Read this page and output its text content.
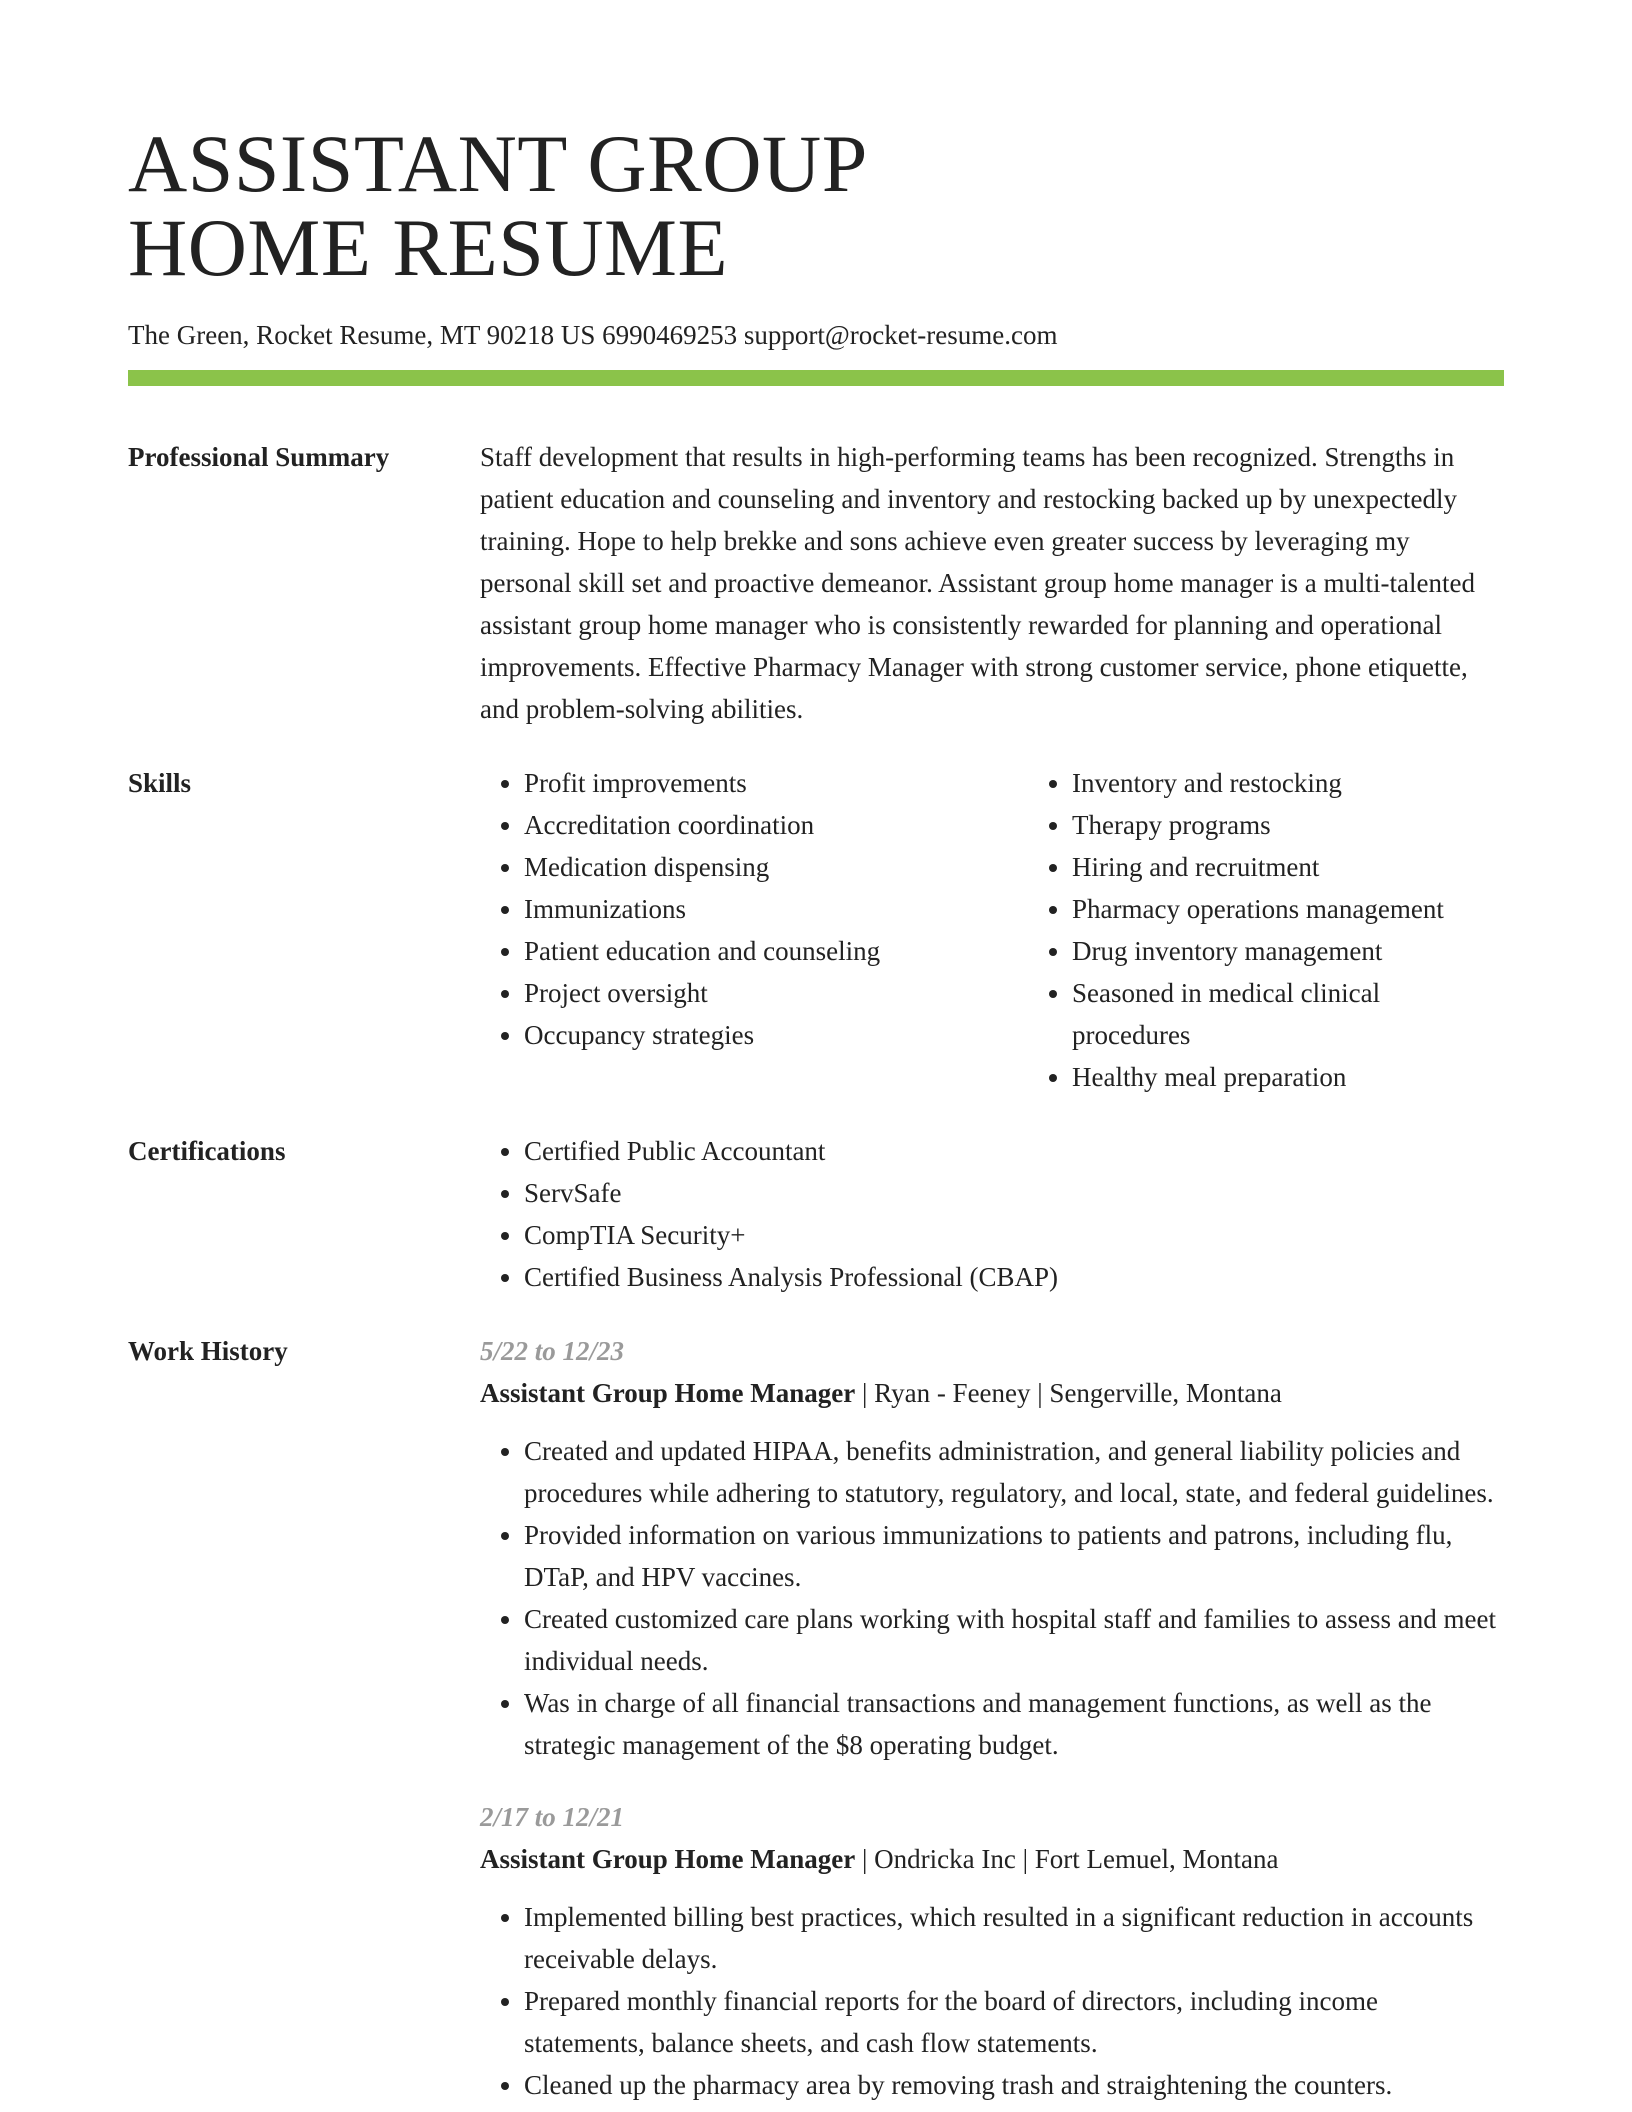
ASSISTANT GROUP
HOME RESUME
The Green, Rocket Resume, MT 90218 US 6990469253 support@rocket-resume.com
Professional Summary	Staff development that results in high-performing teams has been recognized. Strengths in patient education and counseling and inventory and restocking backed up by unexpectedly training. Hope to help brekke and sons achieve even greater success by leveraging my personal skill set and proactive demeanor. Assistant group home manager is a multi-talented assistant group home manager who is consistently rewarded for planning and operational improvements. Effective Pharmacy Manager with strong customer service, phone etiquette, and problem-solving abilities.
Skills	• Profit improvements
• Accreditation coordination
• Medication dispensing
• Immunizations
• Patient education and counseling
• Project oversight
• Occupancy strategies
• Inventory and restocking
• Therapy programs
• Hiring and recruitment
• Pharmacy operations management
• Drug inventory management
• Seasoned in medical clinical procedures
• Healthy meal preparation
Certifications	• Certified Public Accountant
• ServSafe
• CompTIA Security+
• Certified Business Analysis Professional (CBAP)
Work History	5/22 to 12/23
Assistant Group Home Manager | Ryan - Feeney | Sengerville, Montana
• Created and updated HIPAA, benefits administration, and general liability policies and procedures while adhering to statutory, regulatory, and local, state, and federal guidelines.
• Provided information on various immunizations to patients and patrons, including flu, DTaP, and HPV vaccines.
• Created customized care plans working with hospital staff and families to assess and meet individual needs.
• Was in charge of all financial transactions and management functions, as well as the strategic management of the $8 operating budget.
2/17 to 12/21
Assistant Group Home Manager | Ondricka Inc | Fort Lemuel, Montana
• Implemented billing best practices, which resulted in a significant reduction in accounts receivable delays.
• Prepared monthly financial reports for the board of directors, including income statements, balance sheets, and cash flow statements.
• Cleaned up the pharmacy area by removing trash and straightening the counters.
